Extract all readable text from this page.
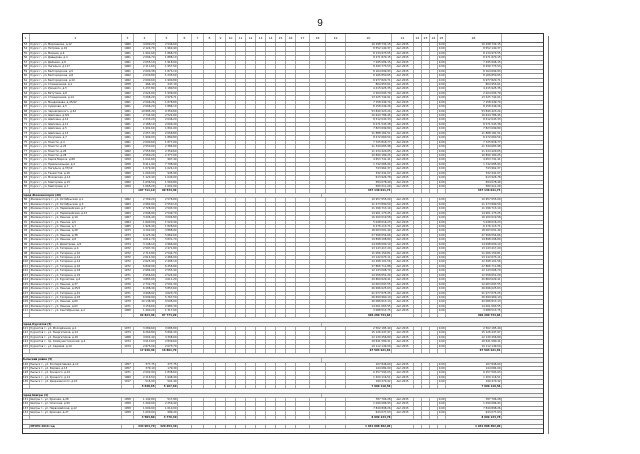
9
1	2	3	4	5	6	7	8	9	10	11	12	13	14	15	16	17	18	19	20	21	22	23	24	25	26
53	Курск г., ул. Мирошника, д.12	1960	4 000,20	2 546,60	10 298 732,15	Авг.2015	0,00	10 298 732,15
54	Курск г., ул. Петрова, д.19	1960	2 124,70	1 960,40	8 552 140,37	Авг.2015	0,00	8 552 140,37
55	Курск г., ул. Мирная, д.6	1961	1 991,60	1 868,70	8 134 973,55	Авг.2015	0,00	8 134 973,55
56	Курск г., ул. Давыдова, д.4	1961	2 006,70	1 888,10	8 271 870,15	Авг.2015	0,00	8 271 870,15
57	Курск г., ул. Дейнеки, д.8	1961	2 055,10	1 918,00	7 295 006,15	Авг.2015	0,00	7 295 006,15
58	Курск г., ул. Энгельса, д.117	1960	2 111,60	1 957,50	8 290 773,53	Авг.2015	0,00	8 290 773,53
59	Курск г., ул. Белгородская, д.5	1961	2 000,38	1 873,10	8 164 699,93	Авг.2015	0,00	8 164 699,93
60	Курск г., ул. Белгородская, д.8	1962	2 030,80	1 235,60	8 166 850,65	Авг.2015	0,00	8 166 850,65
61	Курск г., ул. Белгородская, д.10	1962	2 000,60	1 900,80	6 977 820,71	Авг.2015	0,00	6 977 820,71
62	Курск г., ул. Станционная, д.1	1958	466,10	447,10	804 953,61	Авг.2015	0,00	804 953,61
63	Курск г., ул. Урицкого, д.5	1961	1 237,80	1 180,50	4 415 925,35	Авг.2015	0,00	4 415 925,35
64	Курск г., ул. Ватутина, д.8	1962	2 024,00	1 939,00	2 204 093,79	Авг.2015	0,00	2 204 093,79
65	Курск г., ул. Станционная, д.14	1962	3 298,20	2 976,71	13 225 742,01	Авг.2015	0,00	13 225 742,01
66	Курск г., ул. Менделеева, д.45/42	1961	2 006,26	1 878,80	7 158 449,74	Авг.2015	0,00	7 158 449,74
67	Курск г., ул. Суворова, д.5	1961	2 006,20	1 886,10	8 158 249,26	Авг.2015	0,00	8 158 249,26
68	Курск г., ул. Черняховского, д.42	1961	10 885,20	9 350,80	53 840 423,24	Авг.2015	0,00	53 840 423,24
69	Курск г., ул. Щепкина, д.8/2	1961	2 744,90	2 522,60	10 644 786,45	Авг.2015	0,00	10 644 786,45
70	Курск г., ул. Щепкина, д.12	1961	2 233,20	2 046,20	8 512 043,33	Авг.2015	0,00	8 512 043,33
71	Курск г., ул. Щепкина, д.11	1961	2 188,10	2 009,40	8 271 543,38	Авг.2015	0,00	8 271 543,38
72	Курск г., ул. Щепкина, д.5	1961	1 991,60	1 891,00	7 823 099,80	Авг.2015	0,00	7 823 099,80
73	Курск г., ул. Щепкина, д.13	1961	2 257,40	2 058,80	11 888 181,51	Авг.2015	0,00	11 888 181,51
74	Курск г., ул. Косухина, д.7	1961	1 999,00	1 880,80	8 272 660,54	Авг.2015	0,00	8 272 660,54
75	Курск г., ул. Юности, д.4	1961	2 000,60	1 877,00	7 725 818,77	Авг.2015	0,00	7 725 818,77
76	Курск г., ул. Юности, д.25	1961	2 550,00	2 384,60	11 349 683,98	Авг.2015	0,00	11 349 683,98
77	Курск г., ул. Юности, д.26	1962	2 555,80	2 359,60	11 234 420,05	Авг.2015	0,00	11 234 420,05
78	Курск г., ул. Юности, д.28	1962	2 560,20	2 377,00	10 890 180,25	Авг.2015	0,00	10 890 180,25
79	Курск г., ул. Карла Маркса, д.68	1959	1 041,60	967,40	4 653 741,41	Авг.2015	0,00	4 653 741,41
80	Курск г., ул. Привокзальная, д.4	1958	8 411,90	7 798,90	1 742 085,94	Авг.2015	0,00	1 742 085,94
81	Курск г., ул. Энгельса, д.37/19	1958	1 079,40	1 024,10	743 962,37	Авг.2015	0,00	743 962,37
82	Курск г., ул. Танкистов, д.16	1960	1 000,00	945,00	332 441,07	Авг.2015	0,00	332 441,07
83	Курск г., ул. Моковская, д.14	1960	1 120,40	1 049,00	613 926,78	Авг.2015	0,00	613 926,78
84	Курск г., ул. Кавторова, д.15	1960	1 636,50	1 560,80	584 078,49	Авг.2015	0,00	584 078,49
85	Курск г., ул. Кавторова, д.7	1959	1 065,20	1 001,00	580 211,29	Авг.2015	0,00	580 211,29
107 711,10	99 534,40	437 136 011,74	437 136 011,74
город Железногорск (26)
86	Железногорск г., ул. Октябрьская, д.1	1962	2 709,20	2 576,80	10 957 655,00	Авг.2015	0,00	10 957 655,00
87	Железногорск г., ул. Октябрьская, д.3	1963	2 682,00	2 550,10	11 273 890,50	Авг.2015	0,00	11 273 890,50
88	Железногорск г., ул. Первомайская, д.7	1963	2 728,90	2 593,30	11 296 713,10	Авг.2015	0,00	11 296 713,10
89	Железногорск г., ул. Первомайская, д.13	1963	2 698,90	2 549,70	14 901 173,25	Авг.2015	0,00	14 901 173,25
90	Железногорск г., ул. Ленина, д.19	1967	3 206,40	3 004,80	16 200 019,58	Авг.2015	0,00	16 200 019,58
91	Железногорск г., ул. Ленина, д.5	1964	1 600,00	1 520,40	5 048 016,23	Авг.2015	0,00	5 048 016,23
92	Железногорск г., ул. Ленина, д.7	1965	1 926,40	1 828,60	6 276 113,71	Авг.2015	0,00	6 276 113,71
93	Железногорск г., ул. Ленина, д.28	1973	4 102,00	3 888,90	18 003 001,40	Авг.2015	0,00	18 003 001,40
94	Железногорск г., ул. Ленина, д.38	1973	6 125,40	5 862,60	27 568 054,66	Авг.2015	0,00	27 568 054,66
95	Железногорск г., ул. Ленина, д.8	1963	4 012,70	3 831,70	19 898 208,80	Авг.2015	0,00	19 898 208,80
96	Железногорск г., ул. Димитрова, д.8	1974	3 148,10	2 966,90	14 098 000,10	Авг.2015	0,00	14 098 000,10
97	Железногорск г., ул. Гагарина, д.4	1972	2 597,30	2 471,80	13 143 417,20	Авг.2015	0,00	13 143 417,20
98	Железногорск г., ул. Гагарина, д.10	1972	2 713,80	2 542,70	11 006 150,81	Авг.2015	0,00	11 006 150,81
99	Железногорск г., ул. Гагарина, д.12	1972	2 614,90	2 486,00	13 142 673,11	Авг.2015	0,00	13 142 673,11
100 Железногорск г., ул. Гагарина, д.14	1972	2 625,40	2 495,10	12 498 101,56	Авг.2015	0,00	12 498 101,56
101 Железногорск г., ул. Гагарина, д.16	1972	6 849,90	6 456,80	27 866 711,88	Авг.2015	0,00	27 866 711,88
102 Железногорск г., ул. Гагарина, д.18	1972	2 684,00	2 555,40	12 143 008,70	Авг.2015	0,00	12 143 008,70
103 Железногорск г., ул. Гагарина, д.22	1971	2 656,60	2 524,00	12 058 651,29	Авг.2015	0,00	12 058 651,29
104 Железногорск г., ул. Курчатова, д.4	1971	4 883,00	4 611,20	20 869 629,41	Авг.2015	0,00	20 869 629,41
105 Железногорск г., ул. Ленина, д.37	1970	2 732,70	2 591,30	12 003 097,55	Авг.2015	0,00	12 003 097,55
106 Железногорск г., ул. Ленина, д.45/2	1970	6 188,40	5 853,60	26 696 025,63	Авг.2015	0,00	26 696 025,63
107 Железногорск г., ул. Гагарина, д.41	1971	4 998,02	4 623,70	21 077 675,25	Авг.2015	0,00	21 077 675,25
108 Железногорск г., ул. Гагарина, д.43	1971	6 099,90	5 767,50	26 699 960,10	Авг.2015	0,00	26 699 960,10
109 Железногорск г., ул. Ленина, д.60	1979	10 138,90	9 595,00	40 086 813,13	Авг.2015	0,00	40 086 813,13
110 Железногорск г., ул. Ленина, д.63	1971	3 159,60	2 983,30	14 001 063,55	Авг.2015	0,00	14 001 063,55
111 Железногорск г., ул. Сентябрьская, д.2	1968	1 400,20	1 317,00	3 088 513,75	Авг.2015	0,00	3 088 513,75
92 823,40	87 773,20	406 280 734,84	406 280 734,84
город Курчатов (5)
121 Курчатов г., ул. Молодёжная, д.1	1973	3 289,60	3 085,80	2 502 185,40	Авг.2015	0,00	2 502 185,40
122 Курчатов г., ул. Энергетиков, д.14	1974	6 260,80	5 894,30	15 126 447,97	Авг.2015	0,00	15 126 447,97
123 Курчатов г., ул. Энергетиков, д.16	1968	4 602,40	4 308,00	12 130 456,80	Авг.2015	0,00	12 130 456,80
124 Курчатов г., пр. Коммунистический, д.2	1974	3 013,60	2 839,60	18 641 580,41	Авг.2015	0,00	18 641 580,41
125 Курчатов г., ул. Садовая, д.10	1974	2 875,00	2 673,70	19 112 149,00	Авг.2015	0,00	19 112 149,00
17 940,40	16 801,70	67 503 221,81	67 503 221,81
Рыльский район (5)
126 Рыльск г., ул. Кооперативная, д.12	1957	377,75	377,75	107 846,60	Авг.2015	0,00	107 846,60
127 Рыльск г., ул. Кирова, д.13	1957	379,10	179,30	144 084,00	Авг.2015	0,00	144 084,00
128 Рыльск г., ул. Урицкого, д.10	1971	2 002,90	1 838,60	6 257 593,03	Авг.2015	0,00	6 257 593,03
129 Рыльск г., ул. Урицкого, д.12	1969	2 116,50	1 948,40	1 200 116,51	Авг.2015	0,00	1 200 116,51
130 Рыльск г., ул. Дзержинского, д.10	1917	515,00	501,40	199 470,42	Авг.2015	0,00	199 470,42
5 638,65	5 107,60	7 909 110,56	7 909 110,56
город Щигры (4)
131 Щигры г., ул. Красная, д.28	1958	1 142,80	517,80	787 706,28	Авг.2015	0,00	787 706,28
132 Щигры г., ул. Спасская, д.50	1958	1 400,00	2 259,40	1 090 086,93	Авг.2015	0,00	1 090 086,93
133 Щигры г., ул. Первомайская, д.12	1958	1 000,00	1 010,00	7 849 898,26	Авг.2015	0,00	7 849 898,26
134 Щигры г., ул. Красная, д.27	1958	1 000,00	989,20	643 077,03	Авг.2015	0,00	643 077,03
4 583,80	4 776,40	8 999 133,78	8 999 133,78
ИТОГО 2016 год	344 963,70	320 653,30	1 031 088 382,06	1 031 088 382,06
